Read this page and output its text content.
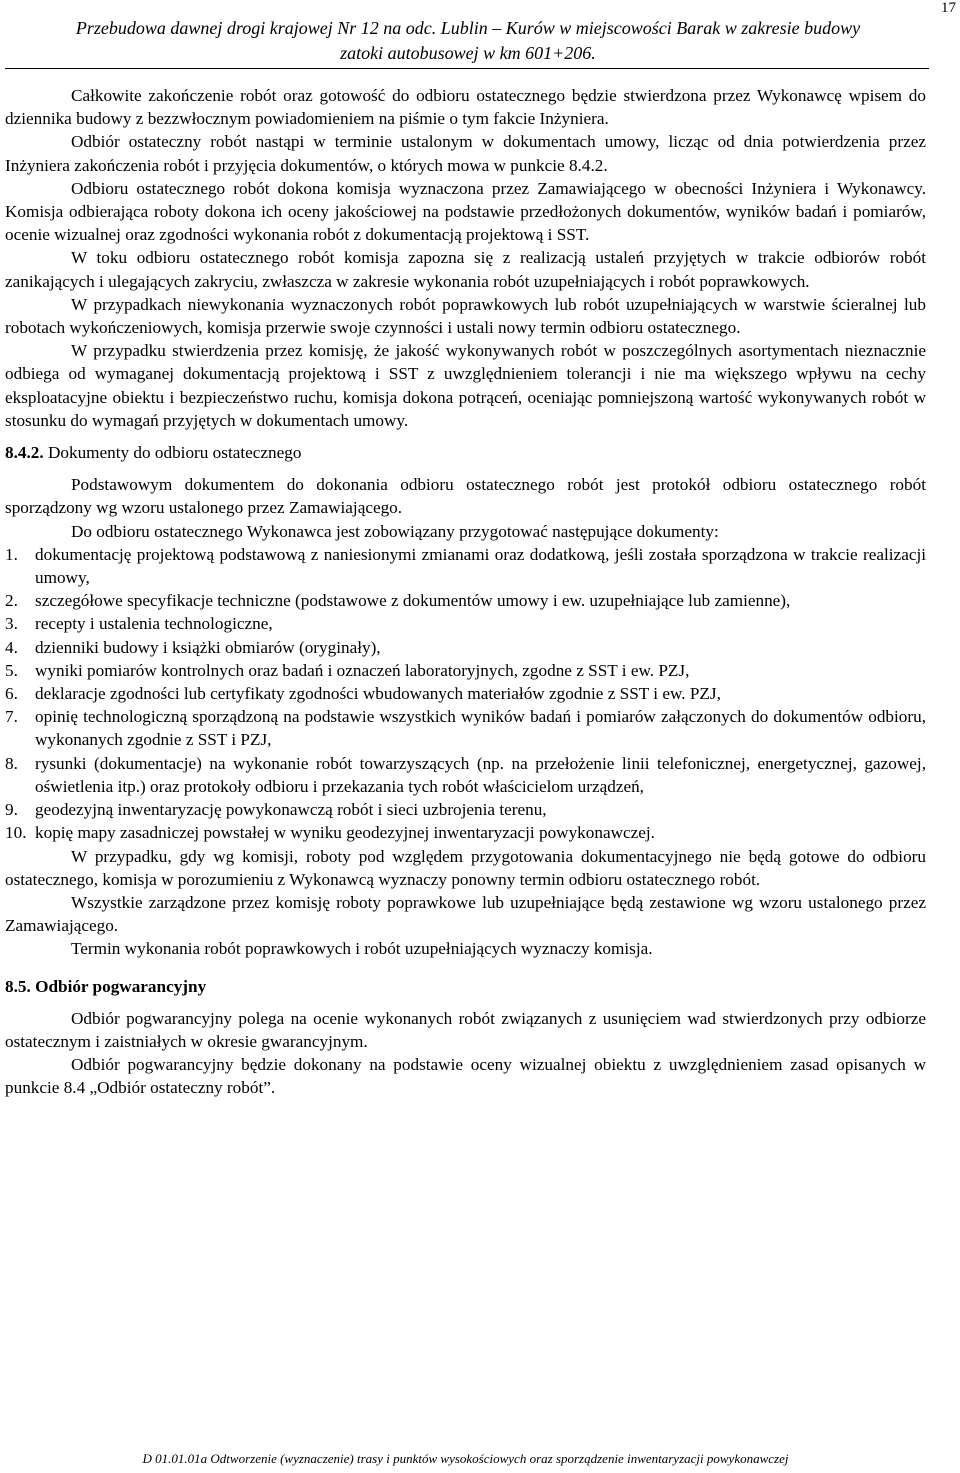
17
Przebudowa dawnej drogi krajowej Nr 12 na odc. Lublin – Kurów w miejscowości Barak w zakresie budowy
zatoki autobusowej w km 601+206.

Całkowite zakończenie robót oraz gotowość do odbioru ostatecznego będzie stwierdzona przez Wykonawcę wpisem do dziennika budowy z bezzwłocznym powiadomieniem na piśmie o tym fakcie Inżyniera.

Odbiór ostateczny robót nastąpi w terminie ustalonym w dokumentach umowy, licząc od dnia potwierdzenia przez Inżyniera zakończenia robót i przyjęcia dokumentów, o których mowa w punkcie 8.4.2.

Odbioru ostatecznego robót dokona komisja wyznaczona przez Zamawiającego w obecności Inżyniera i Wykonawcy. Komisja odbierająca roboty dokona ich oceny jakościowej na podstawie przedłożonych dokumentów, wyników badań i pomiarów, ocenie wizualnej oraz zgodności wykonania robót z dokumentacją projektową i SST.

W toku odbioru ostatecznego robót komisja zapozna się z realizacją ustaleń przyjętych w trakcie odbiorów robót zanikających i ulegających zakryciu, zwłaszcza w zakresie wykonania robót uzupełniających i robót poprawkowych.

W przypadkach niewykonania wyznaczonych robót poprawkowych lub robót uzupełniających w warstwie ścieralnej lub robotach wykończeniowych, komisja przerwie swoje czynności i ustali nowy termin odbioru ostatecznego.

W przypadku stwierdzenia przez komisję, że jakość wykonywanych robót w poszczególnych asortymentach nieznacznie odbiega od wymaganej dokumentacją projektową i SST z uwzględnieniem tolerancji i nie ma większego wpływu na cechy eksploatacyjne obiektu i bezpieczeństwo ruchu, komisja dokona potrąceń, oceniając pomniejszoną wartość wykonywanych robót w stosunku do wymagań przyjętych w dokumentach umowy.

8.4.2. Dokumenty do odbioru ostatecznego

Podstawowym dokumentem do dokonania odbioru ostatecznego robót jest protokół odbioru ostatecznego robót sporządzony wg wzoru ustalonego przez Zamawiającego.

Do odbioru ostatecznego Wykonawca jest zobowiązany przygotować następujące dokumenty:

1. dokumentację projektową podstawową z naniesionymi zmianami oraz dodatkową, jeśli została sporządzona w trakcie realizacji umowy,
2. szczegółowe specyfikacje techniczne (podstawowe z dokumentów umowy i ew. uzupełniające lub zamienne),
3. recepty i ustalenia technologiczne,
4. dzienniki budowy i książki obmiarów (oryginały),
5. wyniki pomiarów kontrolnych oraz badań i oznaczeń laboratoryjnych, zgodne z SST i ew. PZJ,
6. deklaracje zgodności lub certyfikaty zgodności wbudowanych materiałów zgodnie z SST i ew. PZJ,
7. opinię technologiczną sporządzoną na podstawie wszystkich wyników badań i pomiarów załączonych do dokumentów odbioru, wykonanych zgodnie z SST i PZJ,
8. rysunki (dokumentacje) na wykonanie robót towarzyszących (np. na przełożenie linii telefonicznej, energetycznej, gazowej, oświetlenia itp.) oraz protokoły odbioru i przekazania tych robót właścicielom urządzeń,
9. geodezyjną inwentaryzację powykonawczą robót i sieci uzbrojenia terenu,
10. kopię mapy zasadniczej powstałej w wyniku geodezyjnej inwentaryzacji powykonawczej.

W przypadku, gdy wg komisji, roboty pod względem przygotowania dokumentacyjnego nie będą gotowe do odbioru ostatecznego, komisja w porozumieniu z Wykonawcą wyznaczy ponowny termin odbioru ostatecznego robót.

Wszystkie zarządzone przez komisję roboty poprawkowe lub uzupełniające będą zestawione wg wzoru ustalonego przez Zamawiającego.

Termin wykonania robót poprawkowych i robót uzupełniających wyznaczy komisja.

8.5. Odbiór pogwarancyjny

Odbiór pogwarancyjny polega na ocenie wykonanych robót związanych z usunięciem wad stwierdzonych przy odbiorze ostatecznym i zaistniałych w okresie gwarancyjnym.

Odbiór pogwarancyjny będzie dokonany na podstawie oceny wizualnej obiektu z uwzględnieniem zasad opisanych w punkcie 8.4 „Odbiór ostateczny robót”.

D 01.01.01a Odtworzenie (wyznaczenie) trasy i punktów wysokościowych oraz sporządzenie inwentaryzacji powykonawczej
